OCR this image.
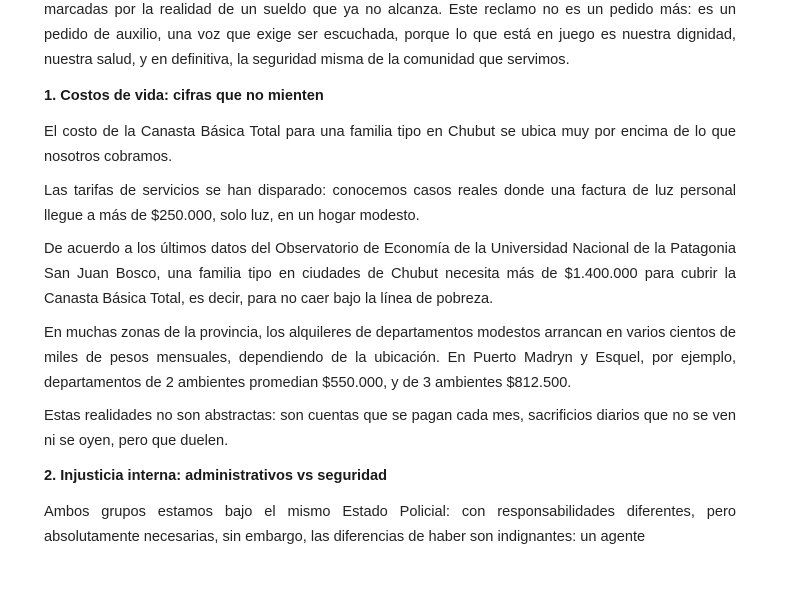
marcadas por la realidad de un sueldo que ya no alcanza. Este reclamo no es un pedido más: es un pedido de auxilio, una voz que exige ser escuchada, porque lo que está en juego es nuestra dignidad, nuestra salud, y en definitiva, la seguridad misma de la comunidad que servimos.

1. Costos de vida: cifras que no mienten

El costo de la Canasta Básica Total para una familia tipo en Chubut se ubica muy por encima de lo que nosotros cobramos.

Las tarifas de servicios se han disparado: conocemos casos reales donde una factura de luz personal llegue a más de $250.000, solo luz, en un hogar modesto.

De acuerdo a los últimos datos del Observatorio de Economía de la Universidad Nacional de la Patagonia San Juan Bosco, una familia tipo en ciudades de Chubut necesita más de $1.400.000 para cubrir la Canasta Básica Total, es decir, para no caer bajo la línea de pobreza.

En muchas zonas de la provincia, los alquileres de departamentos modestos arrancan en varios cientos de miles de pesos mensuales, dependiendo de la ubicación. En Puerto Madryn y Esquel, por ejemplo, departamentos de 2 ambientes promedian $550.000, y de 3 ambientes $812.500.

Estas realidades no son abstractas: son cuentas que se pagan cada mes, sacrificios diarios que no se ven ni se oyen, pero que duelen.

2. Injusticia interna: administrativos vs seguridad

Ambos grupos estamos bajo el mismo Estado Policial: con responsabilidades diferentes, pero absolutamente necesarias, sin embargo, las diferencias de haber son indignantes: un agente
